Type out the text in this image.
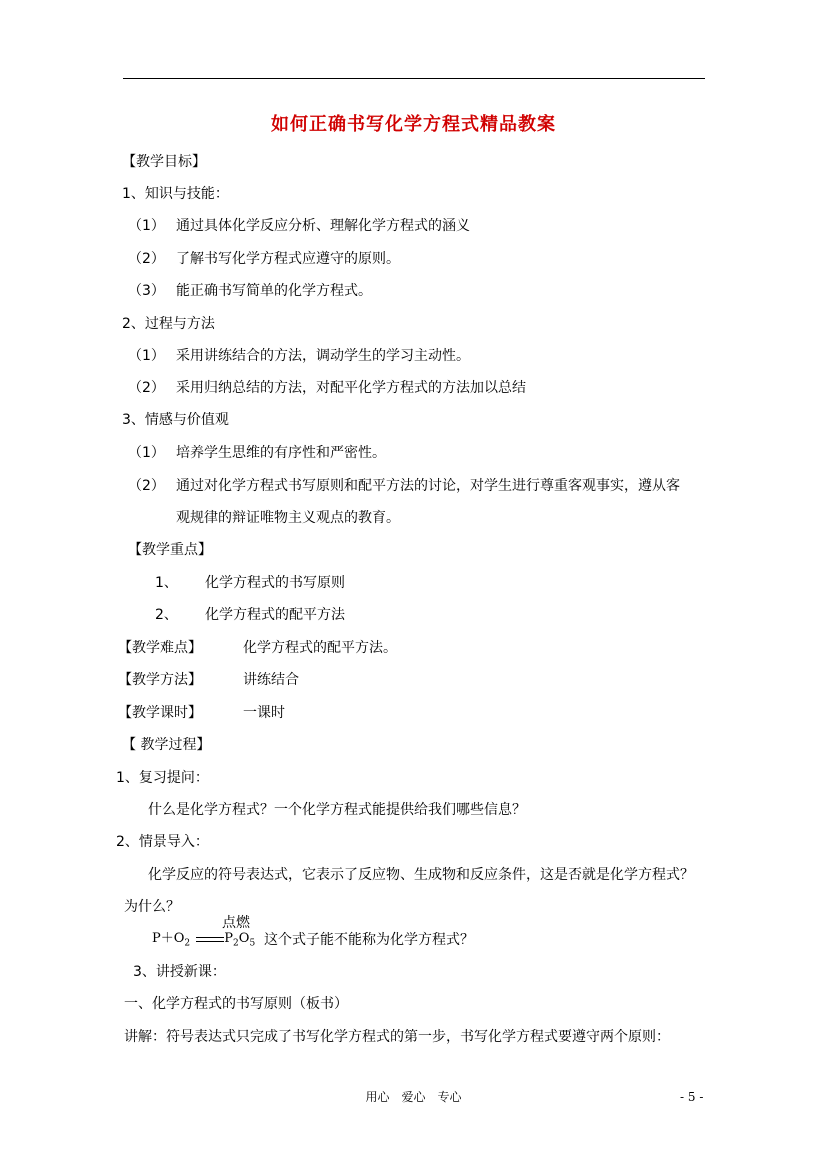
如何正确书写化学方程式精品教案
【教学目标】
1、知识与技能：
（1） 通过具体化学反应分析、理解化学方程式的涵义
（2） 了解书写化学方程式应遵守的原则。
（3） 能正确书写简单的化学方程式。
2、过程与方法
（1） 采用讲练结合的方法，调动学生的学习主动性。
（2） 采用归纳总结的方法，对配平化学方程式的方法加以总结
3、情感与价值观
（1） 培养学生思维的有序性和严密性。
（2） 通过对化学方程式书写原则和配平方法的讨论，对学生进行尊重客观事实，遵从客
观规律的辩证唯物主义观点的教育。
【教学重点】
1、 化学方程式的书写原则
2、 化学方程式的配平方法
【教学难点】	化学方程式的配平方法。
【教学方法】	讲练结合
【教学课时】	一课时
【 教学过程】
1、复习提问：
什么是化学方程式？一个化学方程式能提供给我们哪些信息？
2、情景导入：
化学反应的符号表达式，它表示了反应物、生成物和反应条件，这是否就是化学方程式？
为什么？
点燃
$P+O_2$	$P_2O_5$ 这个式子能不能称为化学方程式？
3、讲授新课：
一、化学方程式的书写原则（板书）
讲解：符号表达式只完成了书写化学方程式的第一步，书写化学方程式要遵守两个原则：
用心　爱心　专心	- 5 -
